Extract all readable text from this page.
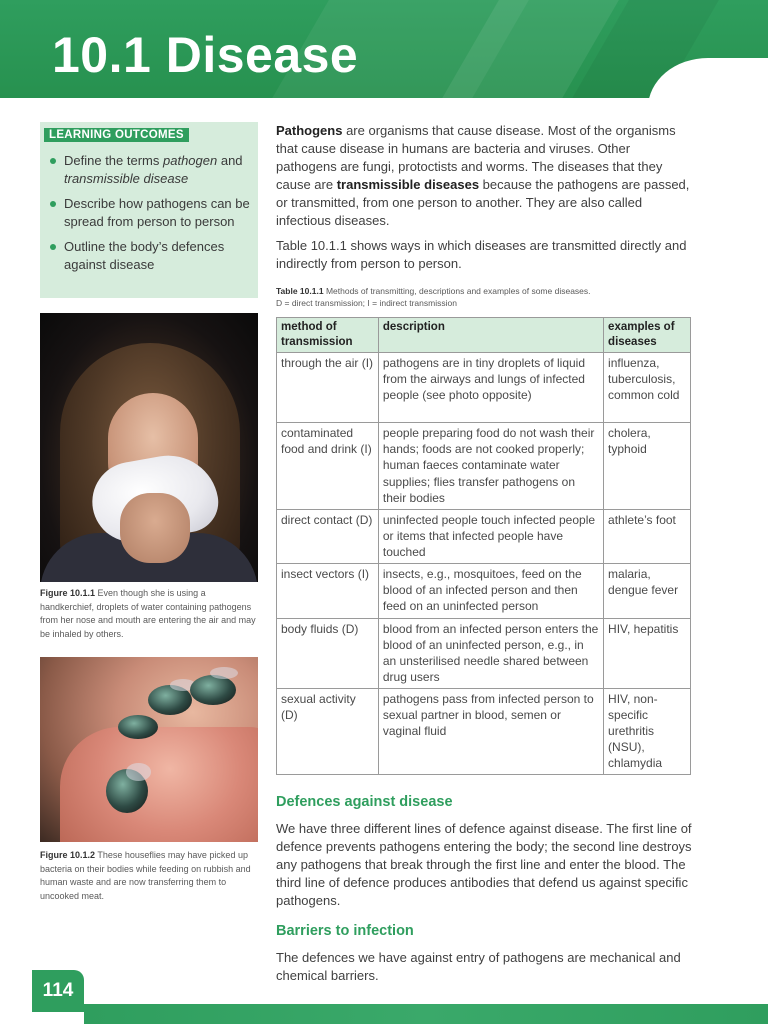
10.1 Disease
LEARNING OUTCOMES
Define the terms pathogen and transmissible disease
Describe how pathogens can be spread from person to person
Outline the body’s defences against disease
Figure 10.1.1 Even though she is using a handkerchief, droplets of water containing pathogens from her nose and mouth are entering the air and may be inhaled by others.
Figure 10.1.2 These houseflies may have picked up bacteria on their bodies while feeding on rubbish and human waste and are now transferring them to uncooked meat.
Pathogens are organisms that cause disease. Most of the organisms that cause disease in humans are bacteria and viruses. Other pathogens are fungi, protoctists and worms. The diseases that they cause are transmissible diseases because the pathogens are passed, or transmitted, from one person to another. They are also called infectious diseases.
Table 10.1.1 shows ways in which diseases are transmitted directly and indirectly from person to person.
Table 10.1.1 Methods of transmitting, descriptions and examples of some diseases.
D = direct transmission; I = indirect transmission
method of transmission	description	examples of diseases
through the air (I)	pathogens are in tiny droplets of liquid from the airways and lungs of infected people (see photo opposite)	influenza, tuberculosis, common cold
contaminated food and drink (I)	people preparing food do not wash their hands; foods are not cooked properly; human faeces contaminate water supplies; flies transfer pathogens on their bodies	cholera, typhoid
direct contact (D)	uninfected people touch infected people or items that infected people have touched	athlete’s foot
insect vectors (I)	insects, e.g., mosquitoes, feed on the blood of an infected person and then feed on an uninfected person	malaria, dengue fever
body fluids (D)	blood from an infected person enters the blood of an uninfected person, e.g., in an unsterilised needle shared between drug users	HIV, hepatitis
sexual activity (D)	pathogens pass from infected person to sexual partner in blood, semen or vaginal fluid	HIV, non-specific urethritis (NSU), chlamydia
Defences against disease
We have three different lines of defence against disease. The first line of defence prevents pathogens entering the body; the second line destroys any pathogens that break through the first line and enter the blood. The third line of defence produces antibodies that defend us against specific pathogens.
Barriers to infection
The defences we have against entry of pathogens are mechanical and chemical barriers.
114
